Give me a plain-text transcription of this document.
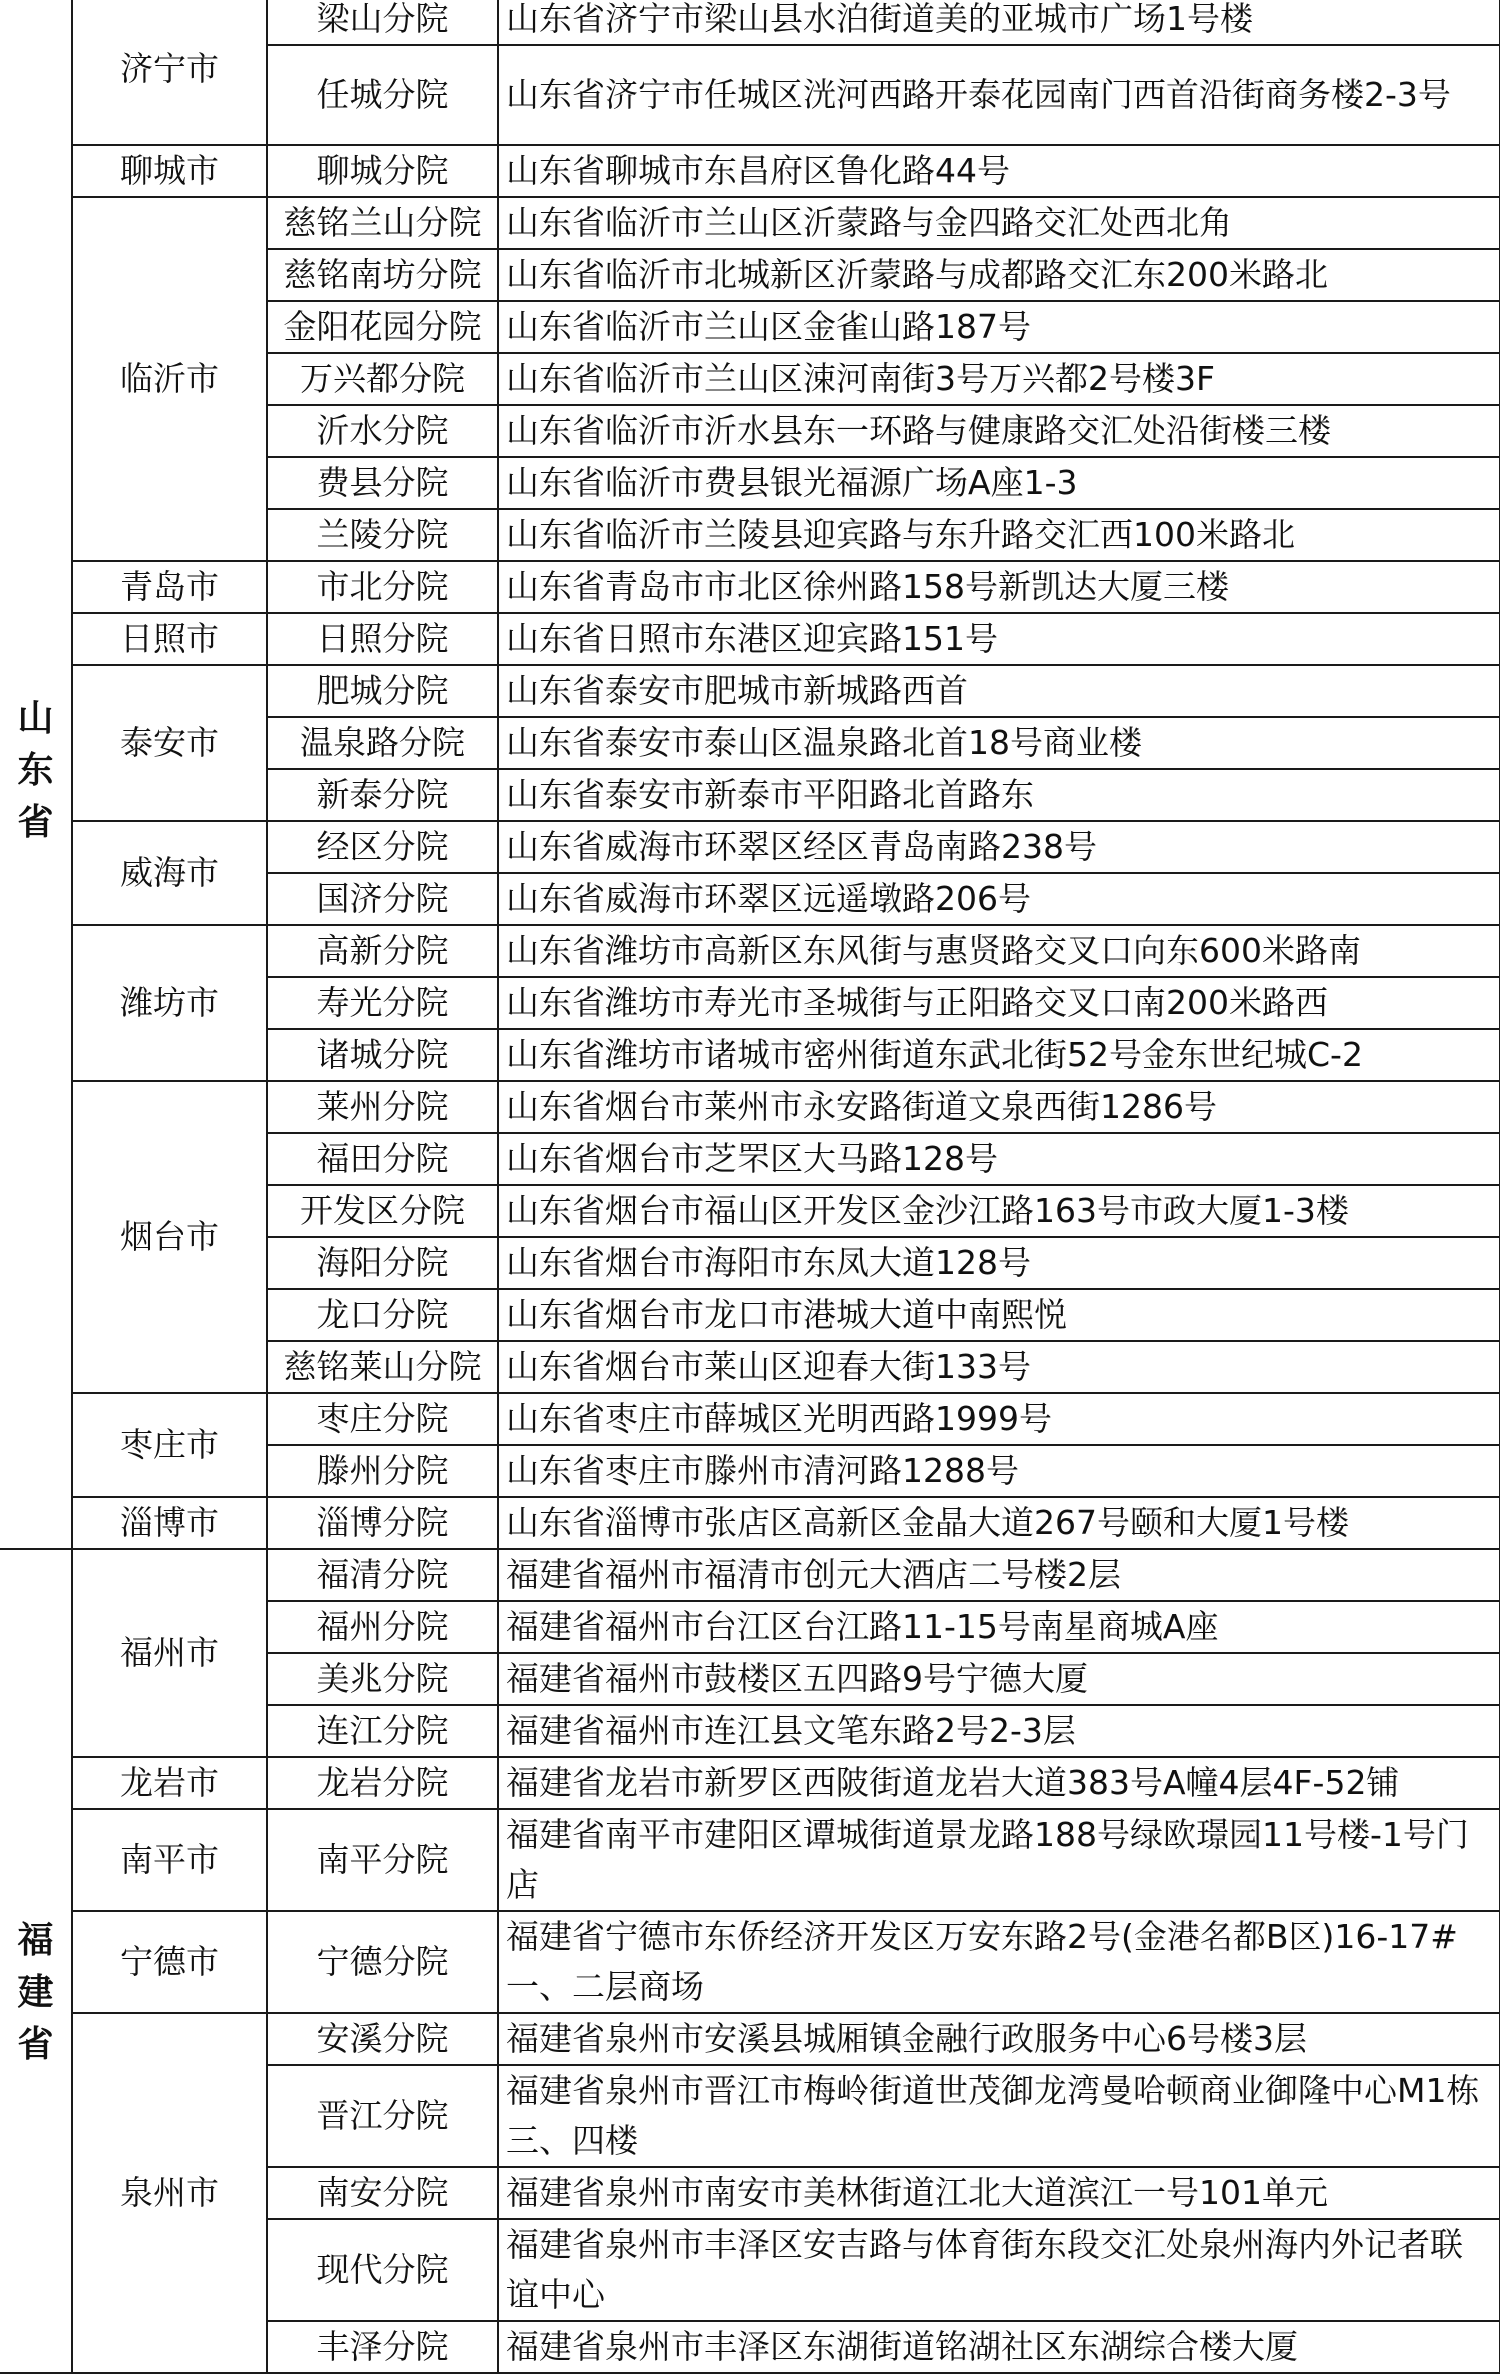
山东省	济宁市	梁山分院	山东省济宁市梁山县水泊街道美的亚城市广场1号楼
		任城分院	山东省济宁市任城区洸河西路开泰花园南门西首沿街商务楼2-3号
	聊城市	聊城分院	山东省聊城市东昌府区鲁化路44号
	临沂市	慈铭兰山分院	山东省临沂市兰山区沂蒙路与金四路交汇处西北角
		慈铭南坊分院	山东省临沂市北城新区沂蒙路与成都路交汇东200米路北
		金阳花园分院	山东省临沂市兰山区金雀山路187号
		万兴都分院	山东省临沂市兰山区涑河南街3号万兴都2号楼3F
		沂水分院	山东省临沂市沂水县东一环路与健康路交汇处沿街楼三楼
		费县分院	山东省临沂市费县银光福源广场A座1-3
		兰陵分院	山东省临沂市兰陵县迎宾路与东升路交汇西100米路北
	青岛市	市北分院	山东省青岛市市北区徐州路158号新凯达大厦三楼
	日照市	日照分院	山东省日照市东港区迎宾路151号
	泰安市	肥城分院	山东省泰安市肥城市新城路西首
		温泉路分院	山东省泰安市泰山区温泉路北首18号商业楼
		新泰分院	山东省泰安市新泰市平阳路北首路东
	威海市	经区分院	山东省威海市环翠区经区青岛南路238号
		国济分院	山东省威海市环翠区远遥墩路206号
	潍坊市	高新分院	山东省潍坊市高新区东风街与惠贤路交叉口向东600米路南
		寿光分院	山东省潍坊市寿光市圣城街与正阳路交叉口南200米路西
		诸城分院	山东省潍坊市诸城市密州街道东武北街52号金东世纪城C-2
	烟台市	莱州分院	山东省烟台市莱州市永安路街道文泉西街1286号
		福田分院	山东省烟台市芝罘区大马路128号
		开发区分院	山东省烟台市福山区开发区金沙江路163号市政大厦1-3楼
		海阳分院	山东省烟台市海阳市东凤大道128号
		龙口分院	山东省烟台市龙口市港城大道中南熙悦
		慈铭莱山分院	山东省烟台市莱山区迎春大街133号
	枣庄市	枣庄分院	山东省枣庄市薛城区光明西路1999号
		滕州分院	山东省枣庄市滕州市清河路1288号
	淄博市	淄博分院	山东省淄博市张店区高新区金晶大道267号颐和大厦1号楼
福建省	福州市	福清分院	福建省福州市福清市创元大酒店二号楼2层
		福州分院	福建省福州市台江区台江路11-15号南星商城A座
		美兆分院	福建省福州市鼓楼区五四路9号宁德大厦
		连江分院	福建省福州市连江县文笔东路2号2-3层
	龙岩市	龙岩分院	福建省龙岩市新罗区西陂街道龙岩大道383号A幢4层4F-52铺
	南平市	南平分院	福建省南平市建阳区谭城街道景龙路188号绿欧璟园11号楼-1号门店
	宁德市	宁德分院	福建省宁德市东侨经济开发区万安东路2号(金港名都B区)16-17#一、二层商场
	泉州市	安溪分院	福建省泉州市安溪县城厢镇金融行政服务中心6号楼3层
		晋江分院	福建省泉州市晋江市梅岭街道世茂御龙湾曼哈顿商业御隆中心M1栋三、四楼
		南安分院	福建省泉州市南安市美林街道江北大道滨江一号101单元
		现代分院	福建省泉州市丰泽区安吉路与体育街东段交汇处泉州海内外记者联谊中心
		丰泽分院	福建省泉州市丰泽区东湖街道铭湖社区东湖综合楼大厦
